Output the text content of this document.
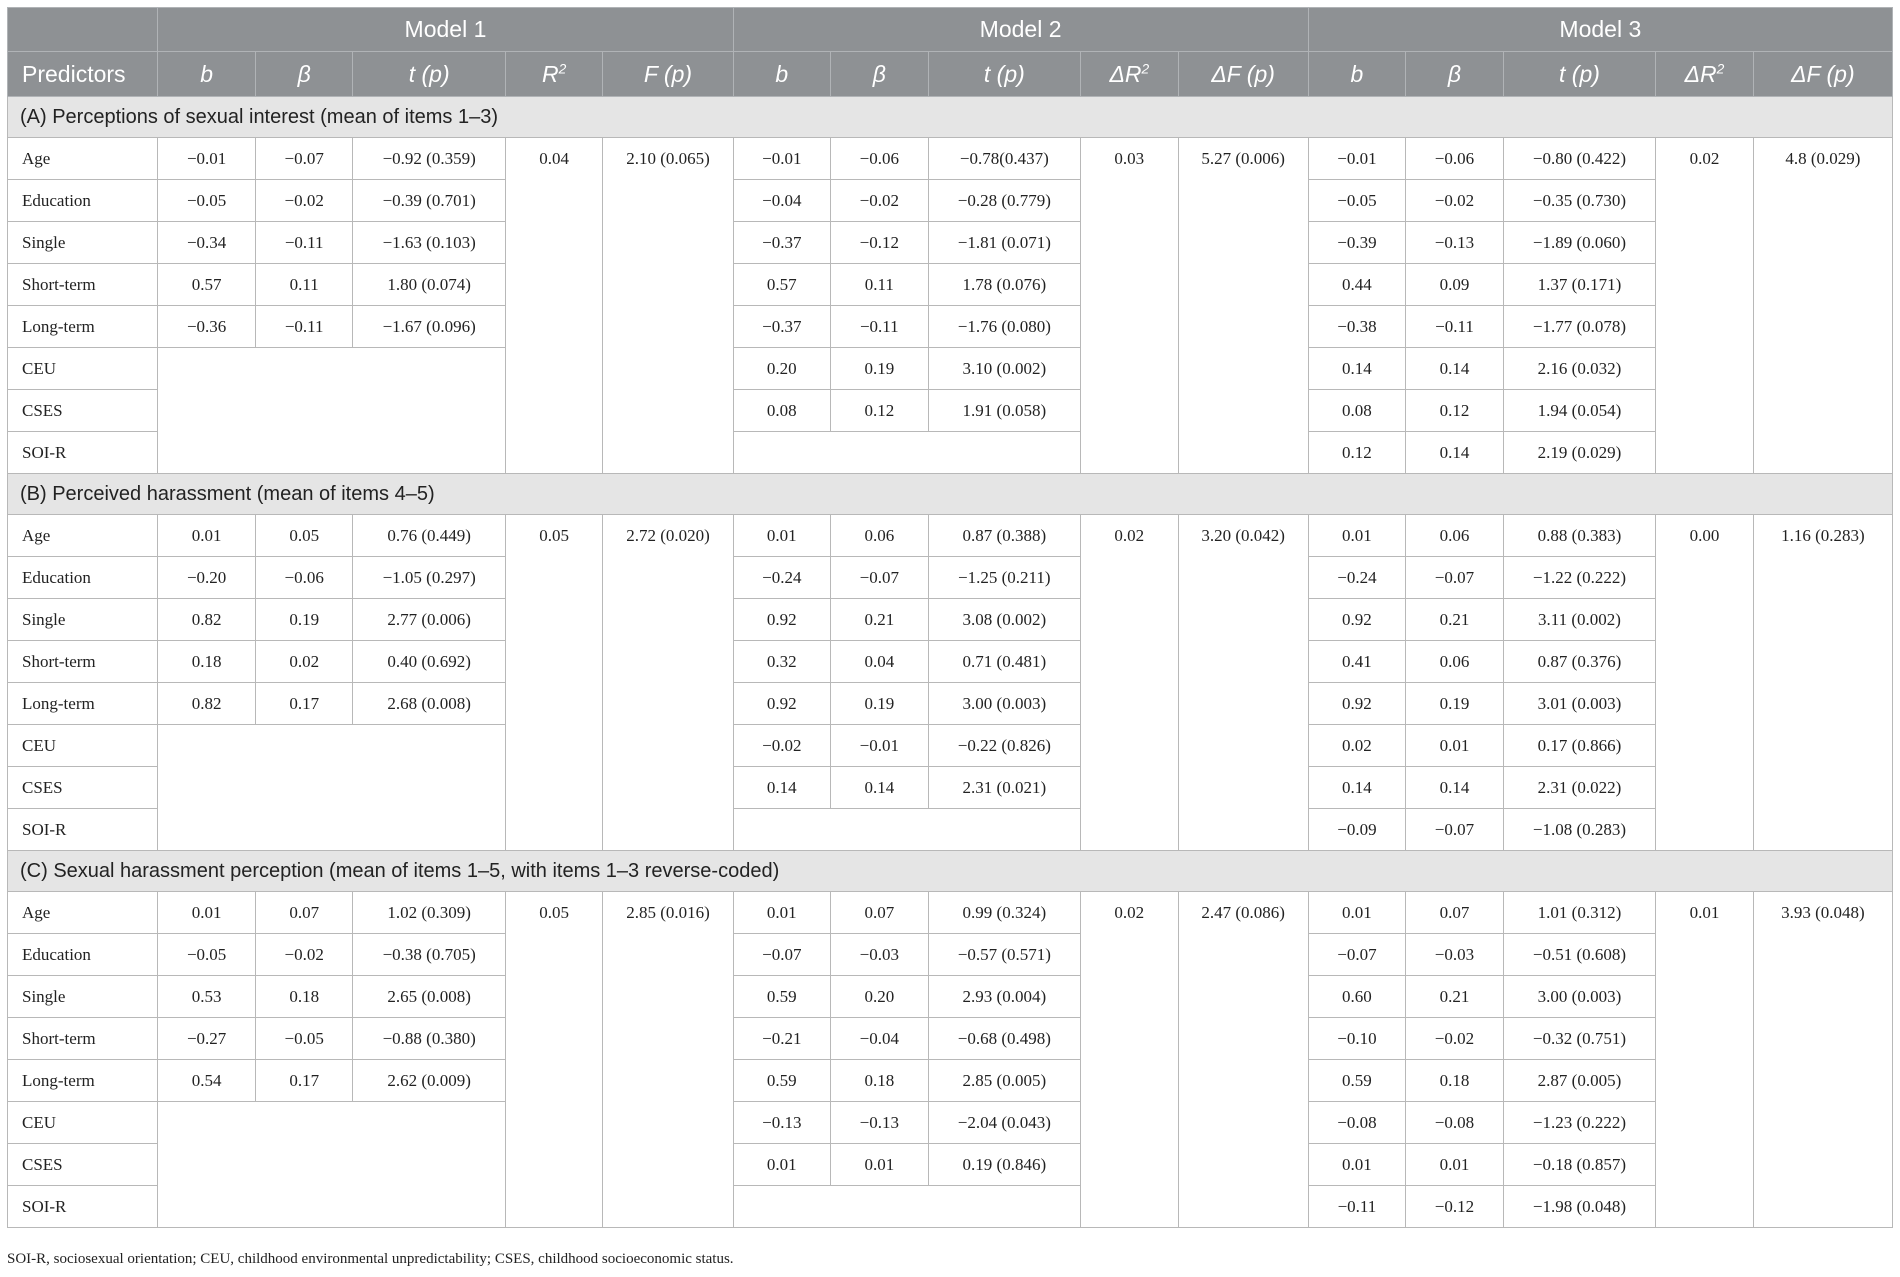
	Model 1					Model 2					Model 3				
Predictors	b	β	t (p)	$R^2$	F (p)	b	β	t (p)	$\Delta R^2$	ΔF (p)	b	β	t (p)	$\Delta R^2$	ΔF (p)
(A) Perceptions of sexual interest (mean of items 1–3)															
Age	−0.01	−0.07	−0.92 (0.359)	0.04	2.10 (0.065)	−0.01	−0.06	−0.78(0.437)	0.03	5.27 (0.006)	−0.01	−0.06	−0.80 (0.422)	0.02	4.8 (0.029)
Education	−0.05	−0.02	−0.39 (0.701)			−0.04	−0.02	−0.28 (0.779)			−0.05	−0.02	−0.35 (0.730)		
Single	−0.34	−0.11	−1.63 (0.103)			−0.37	−0.12	−1.81 (0.071)			−0.39	−0.13	−1.89 (0.060)		
Short-term	0.57	0.11	1.80 (0.074)			0.57	0.11	1.78 (0.076)			0.44	0.09	1.37 (0.171)		
Long-term	−0.36	−0.11	−1.67 (0.096)			−0.37	−0.11	−1.76 (0.080)			−0.38	−0.11	−1.77 (0.078)		
CEU						0.20	0.19	3.10 (0.002)			0.14	0.14	2.16 (0.032)		
CSES						0.08	0.12	1.91 (0.058)			0.08	0.12	1.94 (0.054)		
SOI-R											0.12	0.14	2.19 (0.029)		
(B) Perceived harassment (mean of items 4–5)															
Age	0.01	0.05	0.76 (0.449)	0.05	2.72 (0.020)	0.01	0.06	0.87 (0.388)	0.02	3.20 (0.042)	0.01	0.06	0.88 (0.383)	0.00	1.16 (0.283)
Education	−0.20	−0.06	−1.05 (0.297)			−0.24	−0.07	−1.25 (0.211)			−0.24	−0.07	−1.22 (0.222)		
Single	0.82	0.19	2.77 (0.006)			0.92	0.21	3.08 (0.002)			0.92	0.21	3.11 (0.002)		
Short-term	0.18	0.02	0.40 (0.692)			0.32	0.04	0.71 (0.481)			0.41	0.06	0.87 (0.376)		
Long-term	0.82	0.17	2.68 (0.008)			0.92	0.19	3.00 (0.003)			0.92	0.19	3.01 (0.003)		
CEU						−0.02	−0.01	−0.22 (0.826)			0.02	0.01	0.17 (0.866)		
CSES						0.14	0.14	2.31 (0.021)			0.14	0.14	2.31 (0.022)		
SOI-R											−0.09	−0.07	−1.08 (0.283)		
(C) Sexual harassment perception (mean of items 1–5, with items 1–3 reverse-coded)															
Age	0.01	0.07	1.02 (0.309)	0.05	2.85 (0.016)	0.01	0.07	0.99 (0.324)	0.02	2.47 (0.086)	0.01	0.07	1.01 (0.312)	0.01	3.93 (0.048)
Education	−0.05	−0.02	−0.38 (0.705)			−0.07	−0.03	−0.57 (0.571)			−0.07	−0.03	−0.51 (0.608)		
Single	0.53	0.18	2.65 (0.008)			0.59	0.20	2.93 (0.004)			0.60	0.21	3.00 (0.003)		
Short-term	−0.27	−0.05	−0.88 (0.380)			−0.21	−0.04	−0.68 (0.498)			−0.10	−0.02	−0.32 (0.751)		
Long-term	0.54	0.17	2.62 (0.009)			0.59	0.18	2.85 (0.005)			0.59	0.18	2.87 (0.005)		
CEU						−0.13	−0.13	−2.04 (0.043)			−0.08	−0.08	−1.23 (0.222)		
CSES						0.01	0.01	0.19 (0.846)			0.01	0.01	−0.18 (0.857)		
SOI-R											−0.11	−0.12	−1.98 (0.048)		
SOI-R, sociosexual orientation; CEU, childhood environmental unpredictability; CSES, childhood socioeconomic status.
